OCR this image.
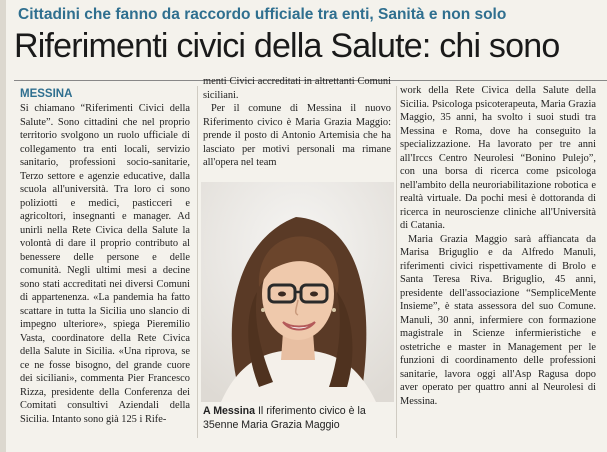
Cittadini che fanno da raccordo ufficiale tra enti, Sanità e non solo
Riferimenti civici della Salute: chi sono
MESSINA

Si chiamano “Riferimenti Civici della Salute”. Sono cittadini che nel proprio territorio svolgono un ruolo ufficiale di collegamento tra enti locali, servizio sanitario, professioni socio-sanitarie, Terzo settore e agenzie educative, dalla scuola all'università. Tra loro ci sono poliziotti e medici, pasticceri e agricoltori, insegnanti e manager. Ad unirli nella Rete Civica della Salute la volontà di dare il proprio contributo al benessere delle persone e delle comunità. Negli ultimi mesi a decine sono stati accreditati nei diversi Comuni di appartenenza. «La pandemia ha fatto scattare in tutta la Sicilia uno slancio di impegno ulteriore», spiega Pieremilio Vasta, coordinatore della Rete Civica della Salute in Sicilia. «Una riprova, se ce ne fosse bisogno, del grande cuore dei siciliani», commenta Pier Francesco Rizza, presidente della Conferenza dei Comitati consultivi Aziendali della Sicilia. Intanto sono già 125 i Rife-

menti Civici accreditati in altrettanti Comuni siciliani.

Per il comune di Messina il nuovo Riferimento civico è Maria Grazia Maggio: prende il posto di Antonio Artemisia che ha lasciato per motivi personali ma rimane all'opera nel team

A Messina Il riferimento civico è la 35enne Maria Grazia Maggio

work della Rete Civica della Salute della Sicilia. Psicologa psicoterapeuta, Maria Grazia Maggio, 35 anni, ha svolto i suoi studi tra Messina e Roma, dove ha conseguito la specializzazione. Ha lavorato per tre anni all'Irccs Centro Neurolesi “Bonino Pulejo”, con una borsa di ricerca come psicologa nell'ambito della neuroriabilitazione robotica e realtà virtuale. Da pochi mesi è dottoranda di ricerca in neuroscienze cliniche all'Università di Catania.

Maria Grazia Maggio sarà affiancata da Marisa Briguglio e da Alfredo Manuli, riferimenti civici rispettivamente di Brolo e Santa Teresa Riva. Briguglio, 45 anni, presidente dell'associazione “SempliceMente Insieme”, è stata assessora del suo Comune. Manuli, 30 anni, infermiere con formazione magistrale in Scienze infermieristiche e ostetriche e master in Management per le funzioni di coordinamento delle professioni sanitarie, lavora oggi all'Asp Ragusa dopo aver operato per quattro anni al Neurolesi di Messina.
